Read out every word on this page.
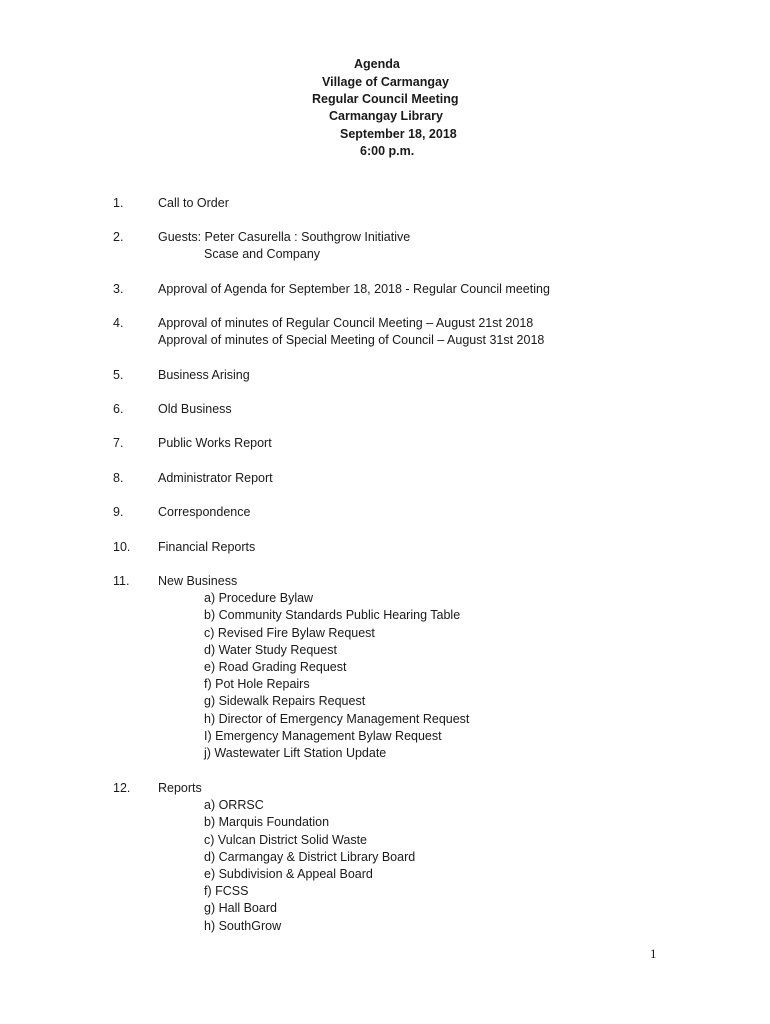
Agenda
Village of Carmangay
Regular Council Meeting
Carmangay Library
September 18, 2018
6:00 p.m.
1.	Call to Order
2.	Guests: Peter Casurella : Southgrow Initiative
Scase and Company
3.	Approval of Agenda for September 18, 2018 - Regular Council meeting
4.	Approval of minutes of Regular Council Meeting – August 21st 2018
Approval of minutes of Special Meeting of Council – August 31st 2018
5.	Business Arising
6.	Old Business
7.	Public Works Report
8.	Administrator Report
9.	Correspondence
10. Financial Reports
11. New Business
a) Procedure Bylaw
b) Community Standards Public Hearing Table
c) Revised Fire Bylaw Request
d) Water Study Request
e) Road Grading Request
f) Pot Hole Repairs
g) Sidewalk Repairs Request
h) Director of Emergency Management Request
I) Emergency Management Bylaw Request
j) Wastewater Lift Station Update
12. Reports
a) ORRSC
b) Marquis Foundation
c) Vulcan District Solid Waste
d) Carmangay & District Library Board
e) Subdivision & Appeal Board
f) FCSS
g) Hall Board
h) SouthGrow
1
